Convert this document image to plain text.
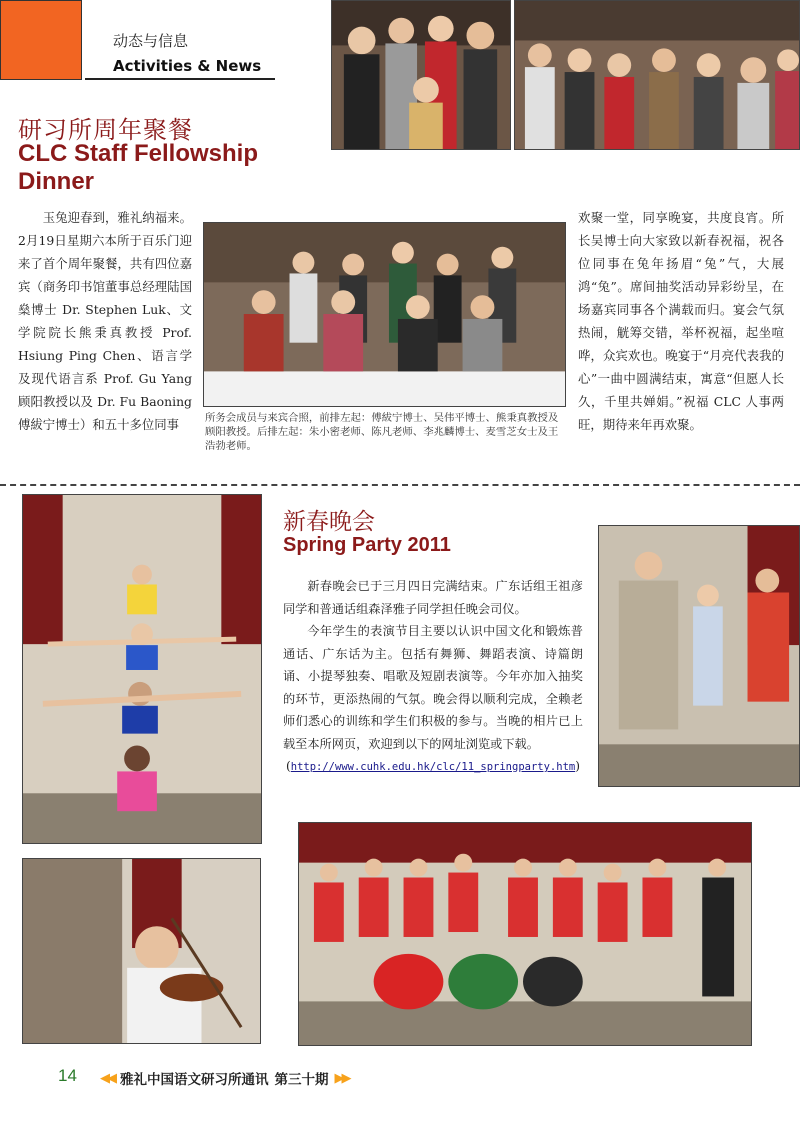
动态与信息
Activities & News
研习所周年聚餐
CLC Staff Fellowship Dinner
玉兔迎春到，雅礼纳福来。2月19日星期六本所于百乐门迎来了首个周年聚餐，共有四位嘉宾（商务印书馆董事总经理陆国燊博士 Dr. Stephen Luk、文学院院长熊秉真教授 Prof. Hsiung Ping Chen、语言学及现代语言系 Prof. Gu Yang 顾阳教授以及 Dr. Fu Baoning 傅紱宁博士）和五十多位同事	所务会成员与来宾合照，前排左起：傅紱宁博士、吴伟平博士、熊秉真教授及顾阳教授。后排左起：朱小密老师、陈凡老师、李兆麟博士、麦雪芝女士及王浩勃老师。
欢聚一堂，同享晚宴，共度良宵。所长吴博士向大家致以新春祝福，祝各位同事在兔年扬眉“兔”气，大展鸿“兔”。席间抽奖活动异彩纷呈，在场嘉宾同事各个满载而归。宴会气氛热闹，觥筹交错，举杯祝福，起坐喧哗，众宾欢也。晚宴于“月亮代表我的心”一曲中圆满结束，寓意“但愿人长久，千里共婵娟。”祝福 CLC 人事两旺，期待来年再欢聚。
新春晚会
Spring Party 2011

新春晚会已于三月四日完满结束。广东话组王祖彦同学和普通话组森泽雅子同学担任晚会司仪。

今年学生的表演节目主要以认识中国文化和锻炼普通话、广东话为主。包括有舞狮、舞蹈表演、诗篇朗诵、小提琴独奏、唱歌及短剧表演等。今年亦加入抽奖的环节，更添热闹的气氛。晚会得以顺利完成，全赖老师们悉心的训练和学生们积极的参与。当晚的相片已上载至本所网页，欢迎到以下的网址浏览或下载。

(http://www.cuhk.edu.hk/clc/11_springparty.htm)
14 ◀◀ 雅礼中国语文研习所通讯 第三十期 ▶▶
